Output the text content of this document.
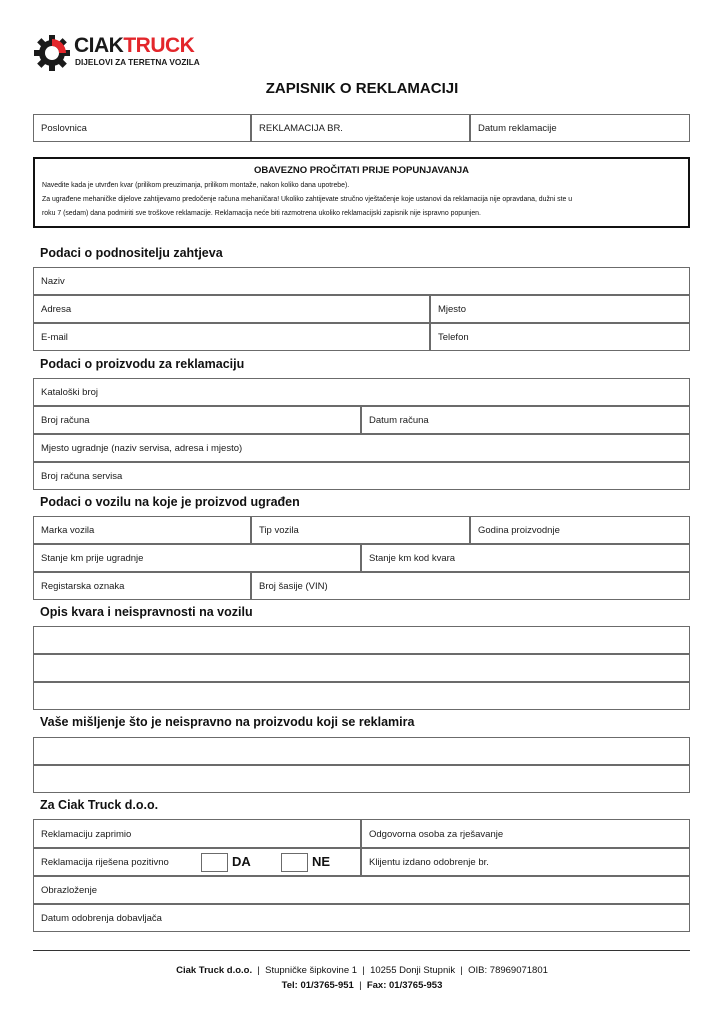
CIAKTRUCK
DIJELOVI ZA TERETNA VOZILA
ZAPISNIK O REKLAMACIJI
Poslovnica	REKLAMACIJA BR.	Datum reklamacije
OBAVEZNO PROČITATI PRIJE POPUNJAVANJA
Navedite kada je utvrđen kvar (prilikom preuzimanja, prilikom montaže, nakon koliko dana upotrebe).
Za ugrađene mehaničke dijelove zahtijevamo predočenje računa mehaničara! Ukoliko zahtijevate stručno vještačenje koje ustanovi da reklamacija nije opravdana, dužni ste u
roku 7 (sedam) dana podmiriti sve troškove reklamacije. Reklamacija neće biti razmotrena ukoliko reklamacijski zapisnik nije ispravno popunjen.
Podaci o podnositelju zahtjeva
Naziv
Adresa	Mjesto
E-mail	Telefon
Podaci o proizvodu za reklamaciju
Kataloški broj
Broj računa	Datum računa
Mjesto ugradnje (naziv servisa, adresa i mjesto)
Broj računa servisa
Podaci o vozilu na koje je proizvod ugrađen
Marka vozila	Tip vozila	Godina proizvodnje
Stanje km prije ugradnje	Stanje km kod kvara
Registarska oznaka	Broj šasije (VIN)
Opis kvara i neispravnosti na vozilu
Vaše mišljenje što je neispravno na proizvodu koji se reklamira
Za Ciak Truck d.o.o.
Reklamaciju zaprimio	Odgovorna osoba za rješavanje
Reklamacija riješena pozitivno	DA	NE	Klijentu izdano odobrenje br.
Obrazloženje
Datum odobrenja dobavljača
Ciak Truck d.o.o. | Stupničke šipkovine 1 | 10255 Donji Stupnik | OIB: 78969071801
Tel: 01/3765-951 | Fax: 01/3765-953
